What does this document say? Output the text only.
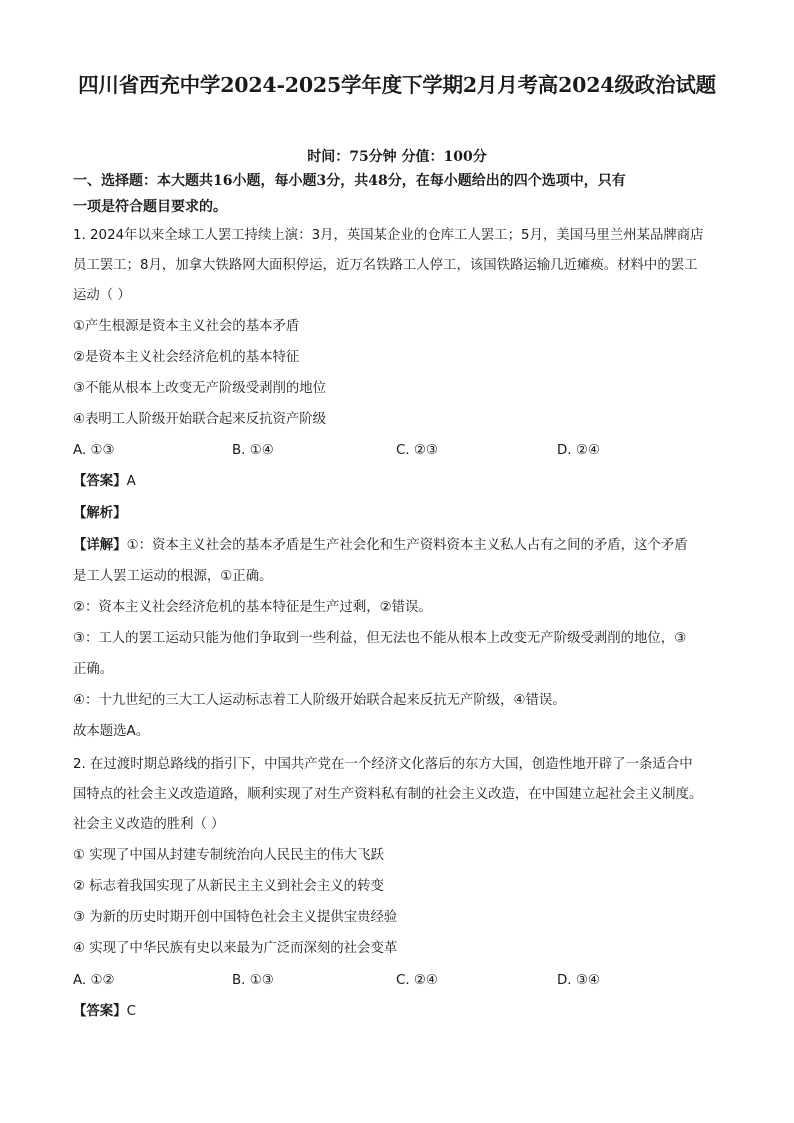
四川省西充中学2024-2025学年度下学期2月月考高2024级政治试题
时间：75分钟 分值：100分
一、选择题：本大题共16小题，每小题3分，共48分，在每小题给出的四个选项中，只有
一项是符合题目要求的。
1. 2024年以来全球工人罢工持续上演：3月，英国某企业的仓库工人罢工；5月，美国马里兰州某品牌商店
员工罢工；8月，加拿大铁路网大面积停运，近万名铁路工人停工，该国铁路运输几近瘫痪。材料中的罢工
运动（ ）
①产生根源是资本主义社会的基本矛盾
②是资本主义社会经济危机的基本特征
③不能从根本上改变无产阶级受剥削的地位
④表明工人阶级开始联合起来反抗资产阶级
A. ①③	B. ①④	C. ②③	D. ②④
【答案】A
【解析】
【详解】①：资本主义社会的基本矛盾是生产社会化和生产资料资本主义私人占有之间的矛盾，这个矛盾
是工人罢工运动的根源，①正确。
②：资本主义社会经济危机的基本特征是生产过剩，②错误。
③：工人的罢工运动只能为他们争取到一些利益，但无法也不能从根本上改变无产阶级受剥削的地位，③
正确。
④：十九世纪的三大工人运动标志着工人阶级开始联合起来反抗无产阶级，④错误。
故本题选A。
2. 在过渡时期总路线的指引下，中国共产党在一个经济文化落后的东方大国，创造性地开辟了一条适合中
国特点的社会主义改造道路，顺利实现了对生产资料私有制的社会主义改造，在中国建立起社会主义制度。
社会主义改造的胜利（ ）
① 实现了中国从封建专制统治向人民民主的伟大飞跃
② 标志着我国实现了从新民主主义到社会主义的转变
③ 为新的历史时期开创中国特色社会主义提供宝贵经验
④ 实现了中华民族有史以来最为广泛而深刻的社会变革
A. ①②	B. ①③	C. ②④	D. ③④
【答案】C
